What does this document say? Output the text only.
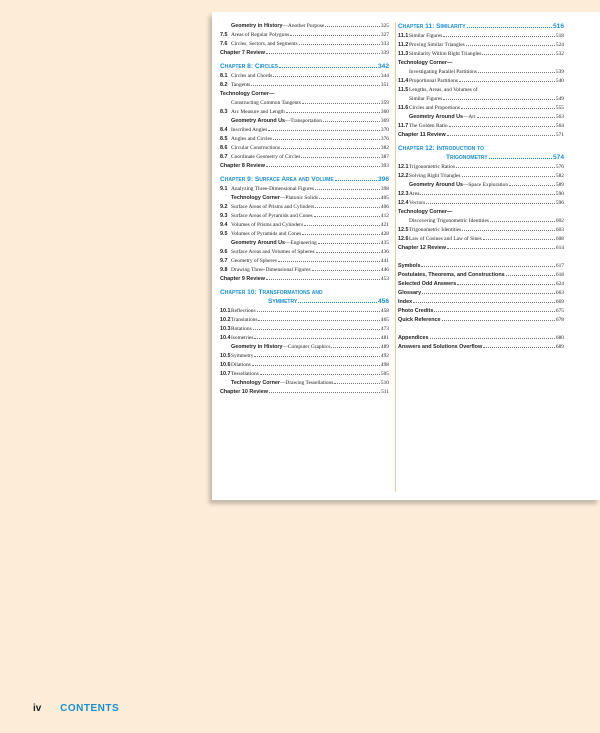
Geometry in History—Another Purpose	325
7.5 Areas of Regular Polygons	327
7.6 Circles, Sectors, and Segments	333
Chapter 7 Review	339
Chapter 8: Circles	342
8.1 Circles and Chords	344
8.2 Tangents	351
Technology Corner—
Constructing Common Tangents	359
8.3 Arc Measure and Length	360
Geometry Around Us—Transportation	369
8.4 Inscribed Angles	370
8.5 Angles and Circles	376
8.6 Circular Constructions	382
8.7 Coordinate Geometry of Circles	387
Chapter 8 Review	393
Chapter 9: Surface Area and Volume	396
9.1 Analyzing Three-Dimensional Figures	398
Technology Corner—Platonic Solids	405
9.2 Surface Areas of Prisms and Cylinders	406
9.3 Surface Areas of Pyramids and Cones	412
9.4 Volumes of Prisms and Cylinders	421
9.5 Volumes of Pyramids and Cones	428
Geometry Around Us—Engineering	435
9.6 Surface Areas and Volumes of Spheres	436
9.7 Geometry of Spheres	441
9.8 Drawing Three-Dimensional Figures	446
Chapter 9 Review	453
Chapter 10: Transformations and
Symmetry	456
10.1 Reflections	458
10.2 Translations	465
10.3 Rotations	473
10.4 Isometries	481
Geometry in History—Computer Graphics	489
10.5 Symmetry	492
10.6 Dilations	498
10.7 Tessellations	505
Technology Corner—Drawing Tessellations	510
Chapter 10 Review	511
Chapter 11: Similarity	516
11.1 Similar Figures	518
11.2 Proving Similar Triangles	524
11.3 Similarity Within Right Triangles	532
Technology Corner—
Investigating Parallel Partitions	539
11.4 Proportional Partitions	540
11.5 Lengths, Areas, and Volumes of
Similar Figures	549
11.6 Circles and Proportions	555
Geometry Around Us—Art	563
11.7 The Golden Ratio	564
Chapter 11 Review	571
Chapter 12: Introduction to
Trigonometry	574
12.1 Trigonometric Ratios	576
12.2 Solving Right Triangles	582
Geometry Around Us—Space Exploration	589
12.3 Area	590
12.4 Vectors	596
Technology Corner—
Discovering Trigonometric Identities	602
12.5 Trigonometric Identities	603
12.6 Law of Cosines and Law of Sines	608
Chapter 12 Review	614
Symbols	617
Postulates, Theorems, and Constructions	618
Selected Odd Answers	624
Glossary	663
Index	669
Photo Credits	675
Quick Reference	678
Appendices	680
Answers and Solutions Overflow	689
iv CONTENTS
